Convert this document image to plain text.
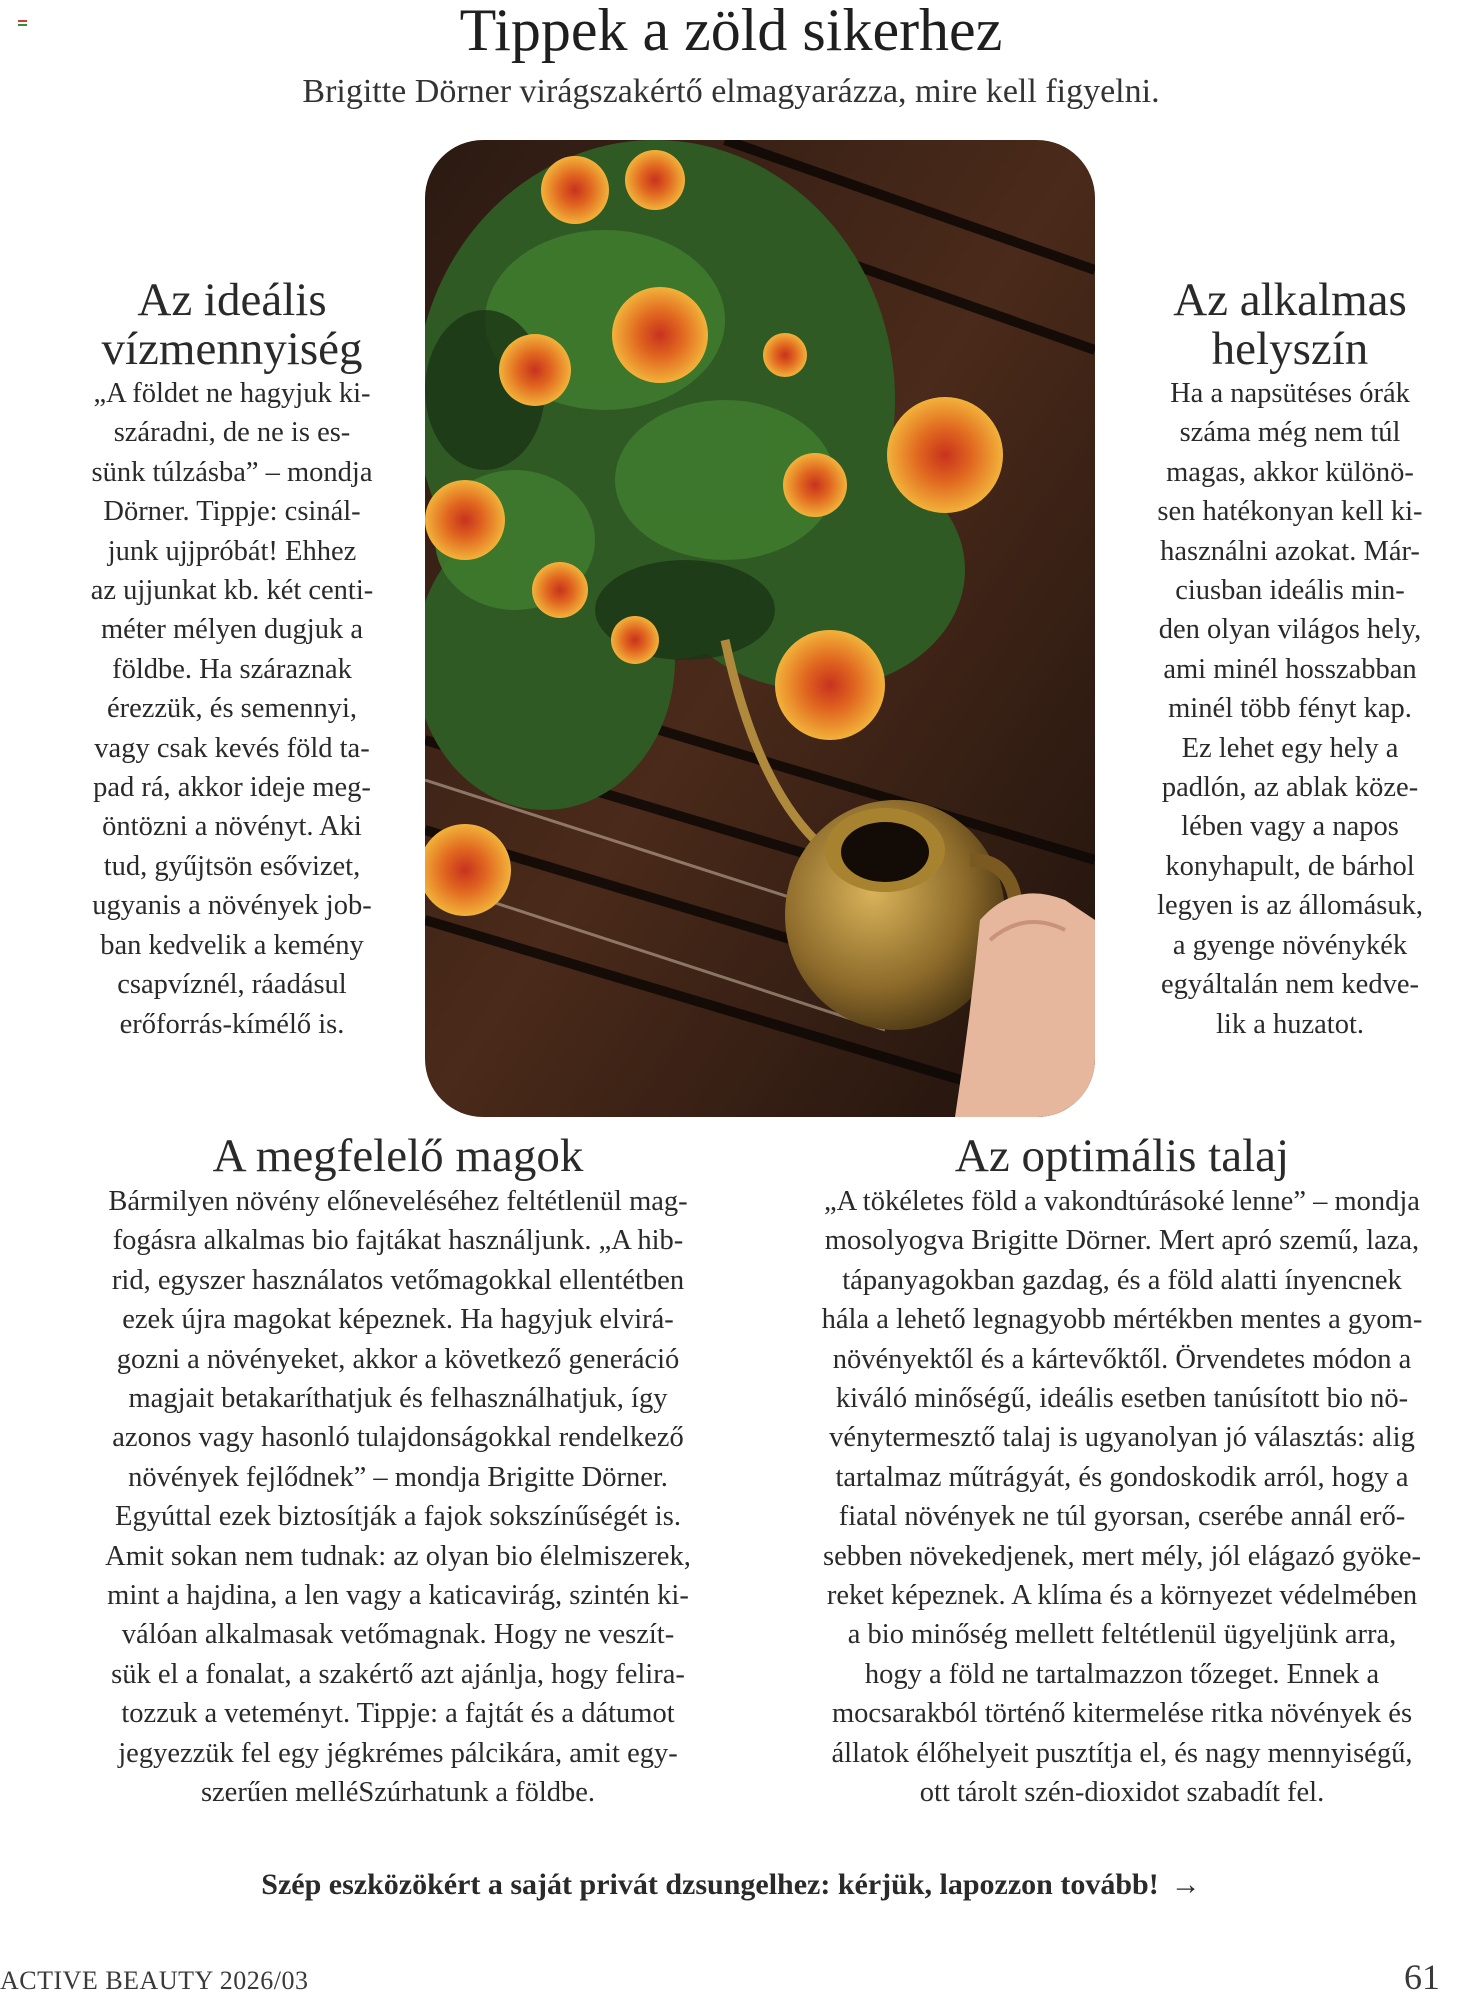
Tippek a zöld sikerhez
Brigitte Dörner virágszakértő elmagyarázza, mire kell figyelni.
Az ideális
vízmennyiség

„A földet ne hagyjuk ki-
száradni, de ne is es-
sünk túlzásba” – mondja
Dörner. Tippje: csinál-
junk ujjpróbát! Ehhez
az ujjunkat kb. két centi-
méter mélyen dugjuk a
földbe. Ha száraznak
érezzük, és semennyi,
vagy csak kevés föld ta-
pad rá, akkor ideje meg-
öntözni a növényt. Aki
tud, gyűjtsön esővizet,
ugyanis a növények job-
ban kedvelik a kemény
csapvíznél, ráadásul
erőforrás-kímélő is.

Az alkalmas
helyszín

Ha a napsütéses órák
száma még nem túl
magas, akkor különö-
sen hatékonyan kell ki-
használni azokat. Már-
ciusban ideális min-
den olyan világos hely,
ami minél hosszabban
minél több fényt kap.
Ez lehet egy hely a
padlón, az ablak köze-
lében vagy a napos
konyhapult, de bárhol
legyen is az állomásuk,
a gyenge növénykék
egyáltalán nem kedve-
lik a huzatot.

A megfelelő magok

Bármilyen növény előneveléséhez feltétlenül mag-
fogásra alkalmas bio fajtákat használjunk. „A hib-
rid, egyszer használatos vetőmagokkal ellentétben
ezek újra magokat képeznek. Ha hagyjuk elvirá-
gozni a növényeket, akkor a következő generáció
magjait betakaríthatjuk és felhasználhatjuk, így
azonos vagy hasonló tulajdonságokkal rendelkező
növények fejlődnek” – mondja Brigitte Dörner.
Egyúttal ezek biztosítják a fajok sokszínűségét is.
Amit sokan nem tudnak: az olyan bio élelmiszerek,
mint a hajdina, a len vagy a katicavirág, szintén ki-
válóan alkalmasak vetőmagnak. Hogy ne veszít-
sük el a fonalat, a szakértő azt ajánlja, hogy felira-
tozzuk a veteményt. Tippje: a fajtát és a dátumot
jegyezzük fel egy jégkrémes pálcikára, amit egy-
szerűen melléSzúrhatunk a földbe.

Az optimális talaj

„A tökéletes föld a vakondtúrásoké lenne” – mondja
mosolyogva Brigitte Dörner. Mert apró szemű, laza,
tápanyagokban gazdag, és a föld alatti ínyencnek
hála a lehető legnagyobb mértékben mentes a gyom-
növényektől és a kártevőktől. Örvendetes módon a
kiváló minőségű, ideális esetben tanúsított bio nö-
vénytermesztő talaj is ugyanolyan jó választás: alig
tartalmaz műtrágyát, és gondoskodik arról, hogy a
fiatal növények ne túl gyorsan, cserébe annál erő-
sebben növekedjenek, mert mély, jól elágazó gyöke-
reket képeznek. A klíma és a környezet védelmében
a bio minőség mellett feltétlenül ügyeljünk arra,
hogy a föld ne tartalmazzon tőzeget. Ennek a
mocsarakból történő kitermelése ritka növények és
állatok élőhelyeit pusztítja el, és nagy mennyiségű,
ott tárolt szén-dioxidot szabadít fel.

Szép eszközökért a saját privát dzsungelhez: kérjük, lapozzon tovább! →
ACTIVE BEAUTY 2026/03	61
